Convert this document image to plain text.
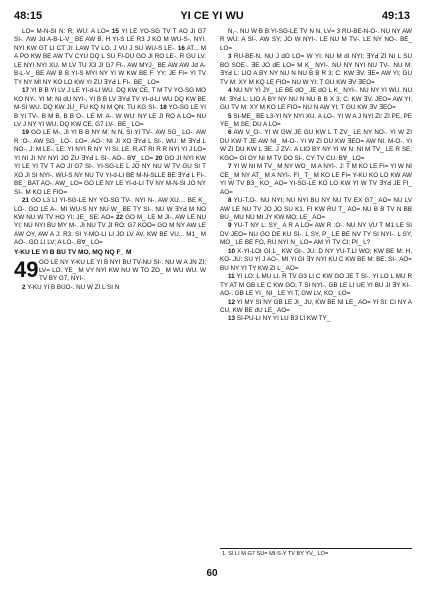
48:15	YI CE YI WU	49:13

LO= M-N-SI N: R: WU: A LO= 15 YI LE YO-SG TV T AO JI G7 SI-. ꓥW Jd A-B-L-V_ BE AW B. H YI-S LE R3 J KO M WU-S-. NYI. NYI KW GT LI CT JI: LAW TV LO. J VU J SU WU-S LE-. 16 AT... M A PO KW BE AW TV CYU DQ L SU FI-DU GO JI RO LE-. R GU LV. LE NYI NYI XU. M LV TU X3 JI G7 FI-. AW MYJ_ BE AW AW Jd A-B-L-V_ BE AW B B YI-S MYI NY YI W KW BE F. YY; JE FI= YI TV TY NY MI NY KO LO KW YI ZU ꓱYꓒ L FI-. BE_ LO=

17 YI B B YI LV J LE YI-d-LI WU. DQ KW CE, T M TV YO-SG MO KO NY-. YI M: NI dU NYI-. YI B B LV ꓱYꓒ TV YI-d-LI WU DQ KW BE M-SI WU. DQ KW JU_ FU KQ N M QN: TU KG SI-. 18 YO-SG LE YI B YI TV-. B M B, B B O-. LE M: A-. W WU: NY LE JI RO A LO= NU LV J NY YI WU. DQ KW CE, G7 LV-. BE_ LO=

19 GO LE M-, JI YI B B NY M: N N, SI YI TV-. AW SG_ LO-. AW R :O-. AW SG_ LO-. LO=. AO-: NI JI XO ꓱYꓒ L SI-. WU: M ꓱYꓒ L NO-. J: M LE-. LE: YI NYI R NY YI SI. LE: R AT RI R R NYI YI J LO= YI NI JI NY NYI JO ZU ꓱYꓒ L SI-. AO-. Bꓯ_ LO= 20 GO JI NYI KW YI LE YI TV T AO JI G7 SI-. YI-SG-LE L JO NY NU W TV GU SI T XO JI SI NYI-. WU-S NY NU TV YI-d-LI BE M-N-SLLE BE ꓱYꓒ L FI-. BE_ BAT AO-. AW_ LO= GO LE NY LE YI-d-LI TV NY M-N-SI JO NY SI-. M KO LE FIO=

21 GO L3 LI YI-SG-LE NY YO-SG TV-. NYI N-. AW XU.... BE K_ LO-. GO LE A-. MI WU-S NY NU W_ BE TY SI-. NU W ꓱYꓒ M NO KW NU W TV HO YI; JE_ SE: AO= 22 GO M_ LE M JI-. AW LE NU YI; NU NYI BU MY M-. JI NU TV JI RO: G7 KOO= GO M NY AW LE AW OY, AW A J: R3: SI Y-MO-LI LI JO LV AV, KW BE VU... M1_ M AO-. GO LI LV; A LO-. Bꓯ_ LO=

Y-KU LE YI B BU TV MO. MQ NQ F_ M
49 GO LE NY Y-KU LE YI B NYI BU TV-NU SI-. NU W A JN ZI; LV= LO. YE_ M VY NYI KW NU W TO ZO_ M WU WU. W TV BY G7, NYI-.

2 Y-KU YI B BUO-. NU W ZI L SI N

N,-. NU W B B YI-SG-LE TV N N, LV= 3 RU-BE-N-O-. NU NY AW R WU: A SI-. AW SY; JO W NYI-. LE NU M TV-. LE NY NO-. BE_ LO=

3 RU-BE-N, NU J dO LO= W YI: NU M dI NYI; ꓱYꓒ ZI NI L SU BO SOE-. ꓱE JO dE LO= M K_ NYI-. NU NY NYI NU TV-. NU M: ꓱYꓒ L: LIO A BY NY NU N NU B B R 3; C: KW ꓱV. ꓱE= AW YI; GU TV M: XY M KQ LE FIO= NU W YI; T GU KW ꓱV ꓱEO=

4 NU NY YI JY_ LE BE dO_ JE dO L K_ NYI-. NU NY YI WU. NU M: ꓱYꓒ L: LIO A BY NY NU N NU B B X 3; C: KW ꓱV. JEO= AW YI; GU TV M: XY M KO LE FIO= NU N AW YI; T GU KW ꓱV ꓱEO=

5 SI-ME_ BE L3-YI NY NYI XU. A LO-. YI W A J NYI ZI: ZI PE, PE YE_ M SE; DU A LO=

6 AW V_O-. YI W GW JE GU KW L T ZV_ LE NY NO-. YI W ZI DU KW T JE AW NI_ M-O-. YI W ZI DU KW ꓱEO= AW NI. M-O-. YI W ZI DU KW L ꓱE. J ZV-. A LIO BY NY YI W N: NI M TV_ LE R SE; KGO= GI OY NI M TV DO SI-. CY TV CU. Bꓯ_ LO=

7 YI W NI M TV_ M NY WO_ M A NYI-. J: T M KO LE FI= YI W NI CE_ M NY AT_ M A NYI-. FI_ T_ M KO LE FI= Y-KU KO LO KW AW YI W TV B3_ KO_ AO= YI-SG-LE KO LO KW YI W TV ꓱYꓒ JE FI_ AO=

8 YU-T.O-. NU NYI; NU NYI BU NY NU TV EX G7_ AO= NU LV AW LE NU TV JO JO SU K1. FI KW RU T_ AO= NU B B TV N BB BU_ MU NU MI JY KW MO; LE_ AO=

9 YU-T NY L: SY_ A R A LO= AW R :O-. NU NY VU T M1 LE SI DV JEO= NU GO DE KU SI-. L SY, P_ LE BE NV TY SI NYI-. L SY, MO_ LE BE FO, RU NYI N_ LO= AM YI TV CI; PI_ L?

10 X-YI-LOI GI L_ KW GI-. JU: D NY YU-T.LI WO; KW BE M: H, KO-.JU: SU YI J AO-. MI YI GI ꓱY NYI KU C KW BE M: BE: SI-. AO= BU NY YI TY KW ZI L_ AO=

11 YI LO: L MU LI. R TV G3 LI C KW GO JE T SI-. YI LO L MU R TY AT M GB LE C KW GO; T SI NYI-. GB LE LI UE YI BU JI ꓱY KI-. AO-. GB LE YI_ NI_ LE YI T; GW LV, KO_ LO=

12 YI MY SI NY GB LE JI_ JU, KW BE NI LE_ AO= YI SI: CI NY A CU, KW BE dU LE_ AO=

13 SI-PU-LI NY YI LU B3 LI KW TY_

1. SI LI M G7 SU= MI-S-Y TV BY YV_ LO=
60
